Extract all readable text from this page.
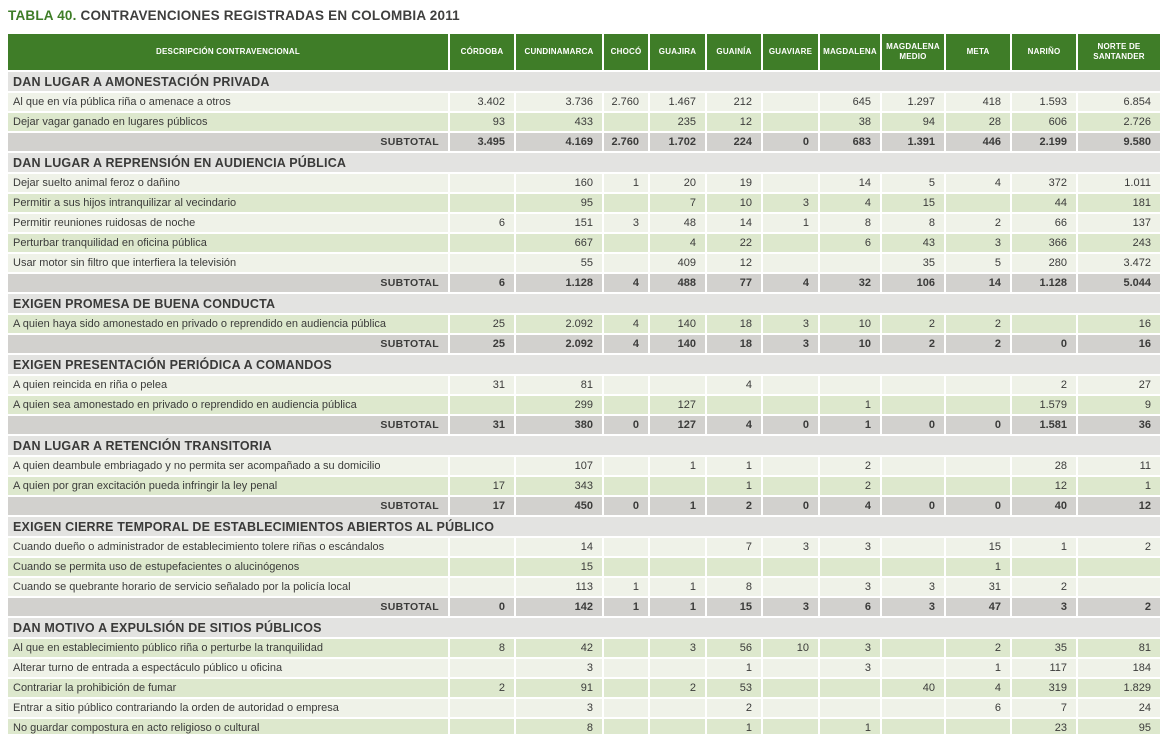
TABLA 40. CONTRAVENCIONES REGISTRADAS EN COLOMBIA 2011
DESCRIPCIÓN CONTRAVENCIONAL	CÓRDOBA	CUNDINAMARCA	CHOCÓ	GUAJIRA	GUAINÍA	GUAVIARE	MAGDALENA	MAGDALENA MEDIO	META	NARIÑO	NORTE DE SANTANDER
DAN LUGAR A AMONESTACIÓN PRIVADA											
Al que en vía pública riña o amenace a otros	3.402	3.736	2.760	1.467	212		645	1.297	418	1.593	6.854
Dejar vagar ganado en lugares públicos	93	433		235	12		38	94	28	606	2.726
SUBTOTAL	3.495	4.169	2.760	1.702	224	0	683	1.391	446	2.199	9.580
DAN LUGAR A REPRENSIÓN EN AUDIENCIA PÚBLICA											
Dejar suelto animal feroz o dañino		160	1	20	19		14	5	4	372	1.011
Permitir a sus hijos intranquilizar al vecindario		95		7	10	3	4	15		44	181
Permitir reuniones ruidosas de noche	6	151	3	48	14	1	8	8	2	66	137
Perturbar tranquilidad en oficina pública		667		4	22		6	43	3	366	243
Usar motor sin filtro que interfiera la televisión		55		409	12			35	5	280	3.472
SUBTOTAL	6	1.128	4	488	77	4	32	106	14	1.128	5.044
EXIGEN PROMESA DE BUENA CONDUCTA											
A quien haya sido amonestado en privado o reprendido en audiencia pública	25	2.092	4	140	18	3	10	2	2		16
SUBTOTAL	25	2.092	4	140	18	3	10	2	2	0	16
EXIGEN PRESENTACIÓN PERIÓDICA A COMANDOS											
A quien reincida en riña o pelea	31	81			4					2	27
A quien sea amonestado en privado o reprendido en audiencia pública		299		127			1			1.579	9
SUBTOTAL	31	380	0	127	4	0	1	0	0	1.581	36
DAN LUGAR A RETENCIÓN TRANSITORIA											
A quien deambule embriagado y no permita ser acompañado a su domicilio		107		1	1		2			28	11
A quien por gran excitación pueda infringir la ley penal	17	343			1		2			12	1
SUBTOTAL	17	450	0	1	2	0	4	0	0	40	12
EXIGEN CIERRE TEMPORAL DE ESTABLECIMIENTOS ABIERTOS AL PÚBLICO											
Cuando dueño o administrador de establecimiento tolere riñas o escándalos		14			7	3	3		15	1	2
Cuando se permita uso de estupefacientes o alucinógenos		15							1		
Cuando se quebrante horario de servicio señalado por la policía local		113	1	1	8		3	3	31	2	
SUBTOTAL	0	142	1	1	15	3	6	3	47	3	2
DAN MOTIVO A EXPULSIÓN DE SITIOS PÚBLICOS											
Al que en establecimiento público riña o perturbe la tranquilidad	8	42		3	56	10	3		2	35	81
Alterar turno de entrada a espectáculo público u oficina		3			1		3		1	117	184
Contrariar la prohibición de fumar	2	91		2	53			40	4	319	1.829
Entrar a sitio público contrariando la orden de autoridad o empresa		3			2				6	7	24
No guardar compostura en acto religioso o cultural		8			1		1			23	95
